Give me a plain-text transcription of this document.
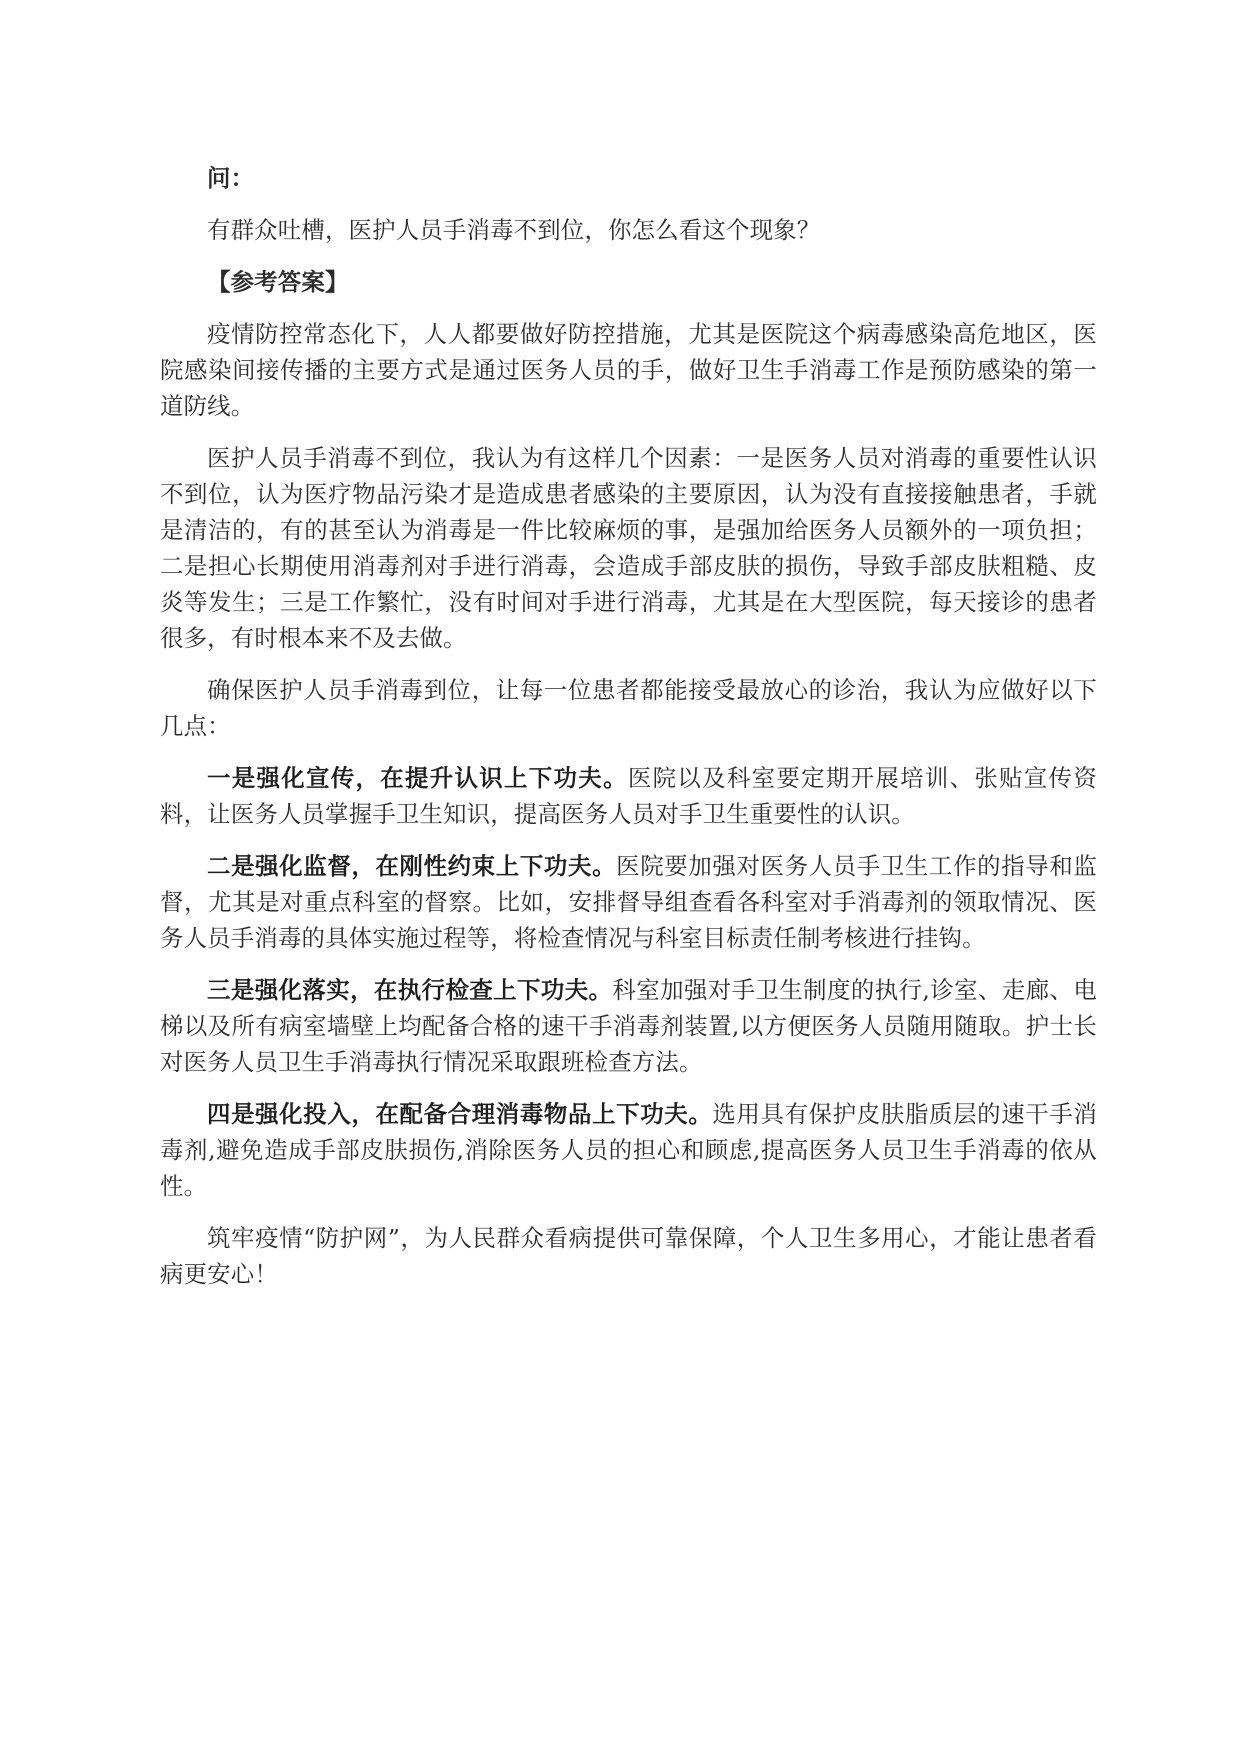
问：

有群众吐槽，医护人员手消毒不到位，你怎么看这个现象？

【参考答案】

疫情防控常态化下，人人都要做好防控措施，尤其是医院这个病毒感染高危地区，医院感染间接传播的主要方式是通过医务人员的手，做好卫生手消毒工作是预防感染的第一道防线。

医护人员手消毒不到位，我认为有这样几个因素：一是医务人员对消毒的重要性认识不到位，认为医疗物品污染才是造成患者感染的主要原因，认为没有直接接触患者，手就是清洁的，有的甚至认为消毒是一件比较麻烦的事，是强加给医务人员额外的一项负担；二是担心长期使用消毒剂对手进行消毒，会造成手部皮肤的损伤，导致手部皮肤粗糙、皮炎等发生；三是工作繁忙，没有时间对手进行消毒，尤其是在大型医院，每天接诊的患者很多，有时根本来不及去做。

确保医护人员手消毒到位，让每一位患者都能接受最放心的诊治，我认为应做好以下几点：

一是强化宣传，在提升认识上下功夫。医院以及科室要定期开展培训、张贴宣传资料，让医务人员掌握手卫生知识，提高医务人员对手卫生重要性的认识。

二是强化监督，在刚性约束上下功夫。医院要加强对医务人员手卫生工作的指导和监督，尤其是对重点科室的督察。比如，安排督导组查看各科室对手消毒剂的领取情况、医务人员手消毒的具体实施过程等，将检查情况与科室目标责任制考核进行挂钩。

三是强化落实，在执行检查上下功夫。科室加强对手卫生制度的执行,诊室、走廊、电梯以及所有病室墙壁上均配备合格的速干手消毒剂装置,以方便医务人员随用随取。护士长对医务人员卫生手消毒执行情况采取跟班检查方法。

四是强化投入，在配备合理消毒物品上下功夫。选用具有保护皮肤脂质层的速干手消毒剂,避免造成手部皮肤损伤,消除医务人员的担心和顾虑,提高医务人员卫生手消毒的依从性。

筑牢疫情“防护网”，为人民群众看病提供可靠保障，个人卫生多用心，才能让患者看病更安心！
